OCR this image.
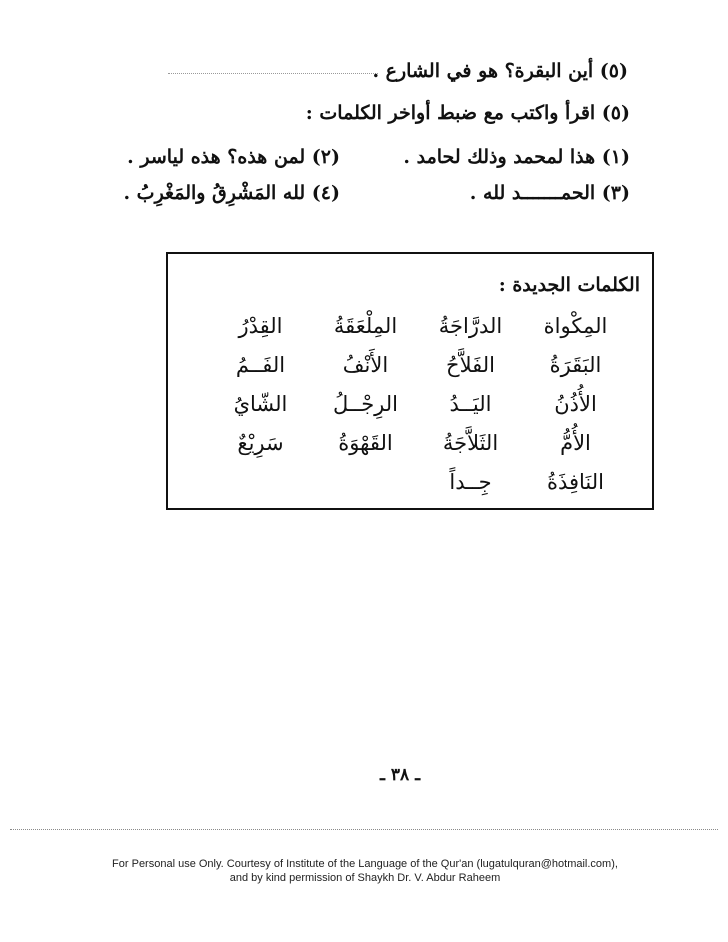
(٥) أين البقرة؟ هو في الشارع .
(٥) اقرأ واكتب مع ضبط أواخر الكلمات :
(١) هذا لمحمد وذلك لحامد .
(٢) لمن هذه؟ هذه لياسر .
(٣) الحمـــــــد لله .
(٤) لله المَشْرِقُ والمَغْرِبُ .
الكلمات الجديدة :
المِكْواة
الدرَّاجَةُ
المِلْعَقَةُ
القِدْرُ
البَقَرَةُ
الفَلاَّحُ
الأَنْفُ
الفَــمُ
الأُذُنُ
اليَــدُ
الرِجْــلُ
الشّايُ
الأُمُّ
الثَلاَّجَةُ
القَهْوَةُ
سَرِيْعٌ
النَافِذَةُ
جِــداً
ـ ٣٨ ـ
For Personal use Only. Courtesy of Institute of the Language of the Qur'an (lugatulquran@hotmail.com),
and by kind permission of Shaykh Dr. V. Abdur Raheem
